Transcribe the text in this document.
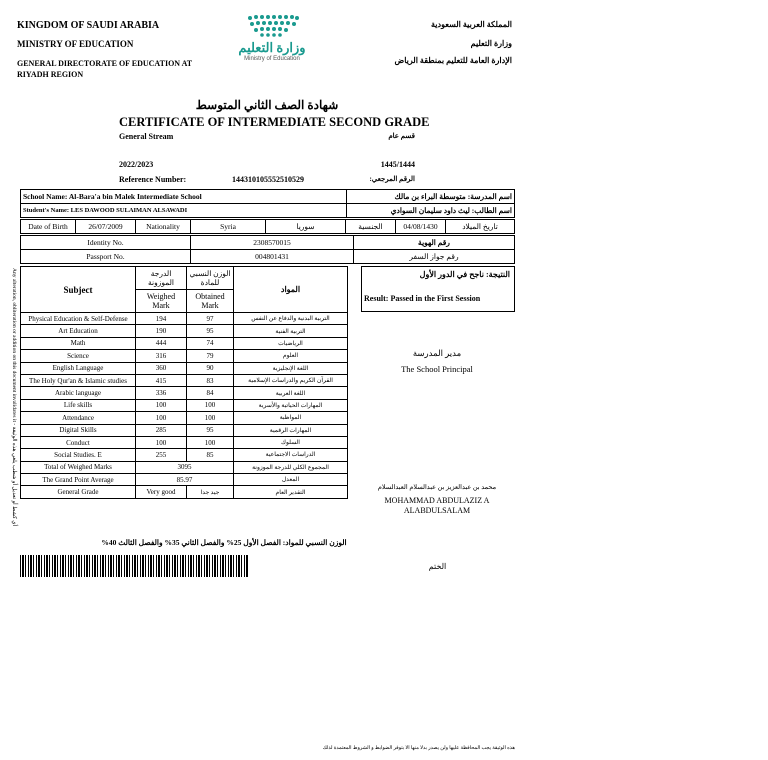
KINGDOM OF SAUDI ARABIA
MINISTRY OF EDUCATION
GENERAL DIRECTORATE OF EDUCATION AT RIYADH REGION
وزارة التعليم
Ministry of Education
المملكة العربية السعودية
وزارة التعليم
الإدارة العامة للتعليم بمنطقة الرياض
شهادة الصف الثاني المتوسط
CERTIFICATE OF INTERMEDIATE SECOND GRADE
General Stream	قسم عام
2022/2023	1445/1444
Reference Number:	144310105552510529	الرقم المرجعي:
School Name: Al-Bara'a bin Malek Intermediate School	اسم المدرسة: متوسطة البراء بن مالك
Student's Name: LES DAWOOD SULAIMAN ALSAWADI	اسم الطالب: ليث داود سليمان السوادي
Date of Birth	26/07/2009	Nationality	Syria	سوريا	الجنسية	04/08/1430	تاريخ الميلاد
Identity No.	2308570015	رقم الهوية
Passport No.	004801431	رقم جواز السفر
Any alteration, obliteration or addition on this document invalidates it - أي كشط أو تعديل أو شطب يلغي هذه الوثيقة
Subject	الدرجة الموزونة	الوزن النسبي للمادة	المواد
	Weighed Mark	Obtained Mark	
Physical Education & Self-Defense	194	97	التربية البدنية والدفاع عن النفس
Art Education	190	95	التربية الفنية
Math	444	74	الرياضيات
Science	316	79	العلوم
English Language	360	90	اللغة الإنجليزية
The Holy Qur'an & Islamic studies	415	83	القرآن الكريم والدراسات الإسلامية
Arabic language	336	84	اللغة العربية
Life skills	100	100	المهارات الحياتية والأسرية
Attendance	100	100	المواظبة
Digital Skills	285	95	المهارات الرقمية
Conduct	100	100	السلوك
Social Studies. E	255	85	الدراسات الاجتماعية
Total of Weighed Marks	3095		المجموع الكلي للدرجة الموزونة
The Grand Point Average	85.97		المعدل
General Grade	Very good	جيد جدا	التقدير العام
النتيجة: ناجح في الدور الأول
Result: Passed in the First Session
مدير المدرسة
The School Principal
محمد بن عبدالعزيز بن عبدالسلام العبدالسلام
MOHAMMAD ABDULAZIZ A ALABDULSALAM
الوزن النسبي للمواد: الفصل الأول 25% والفصل الثاني 35% والفصل الثالث 40%
الختم
هذه الوثيقة يجب المحافظة عليها ولن يصدر بدلا منها الا بتوفر الضوابط و الشروط المعتمدة لذلك
